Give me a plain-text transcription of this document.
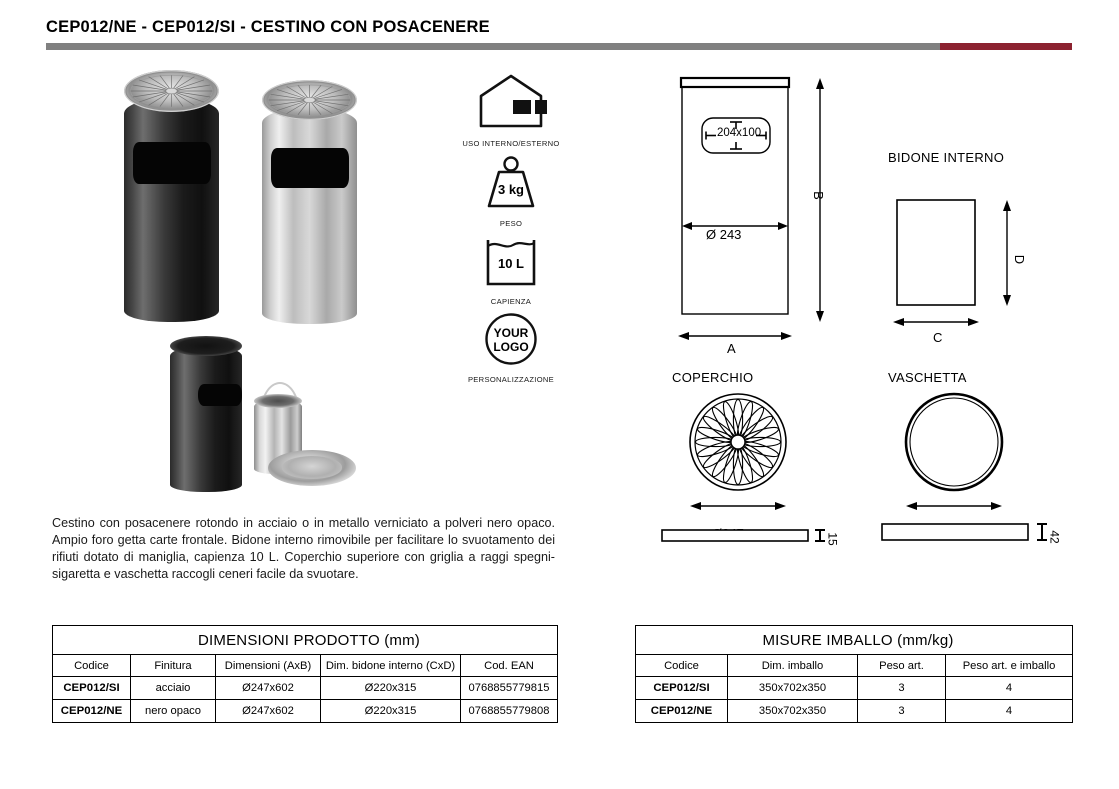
CEP012/NE - CEP012/SI - CESTINO CON POSACENERE
USO INTERNO/ESTERNO
3 kg
PESO
10 L
CAPIENZA
YOUR
LOGO
PERSONALIZZAZIONE
204x100
Ø 243
B
A
BIDONE INTERNO
D
C
COPERCHIO
15
VASCHETTA
42
Cestino con posacenere rotondo in acciaio o in metallo verniciato a polveri nero opaco. Ampio foro getta carte frontale. Bidone interno rimovibile per facilitare lo svuotamento dei rifiuti dotato di maniglia, capienza 10 L. Coperchio superiore con griglia a raggi spegni-sigaretta e vaschetta raccogli ceneri facile da svuotare.
DIMENSIONI PRODOTTO (mm)				
Codice	Finitura	Dimensioni (AxB)	Dim. bidone interno (CxD)	Cod. EAN
CEP012/SI	acciaio	Ø247x602	Ø220x315	0768855779815
CEP012/NE	nero opaco	Ø247x602	Ø220x315	0768855779808
MISURE IMBALLO (mm/kg)			
Codice	Dim. imballo	Peso art.	Peso art. e imballo
CEP012/SI	350x702x350	3	4
CEP012/NE	350x702x350	3	4
